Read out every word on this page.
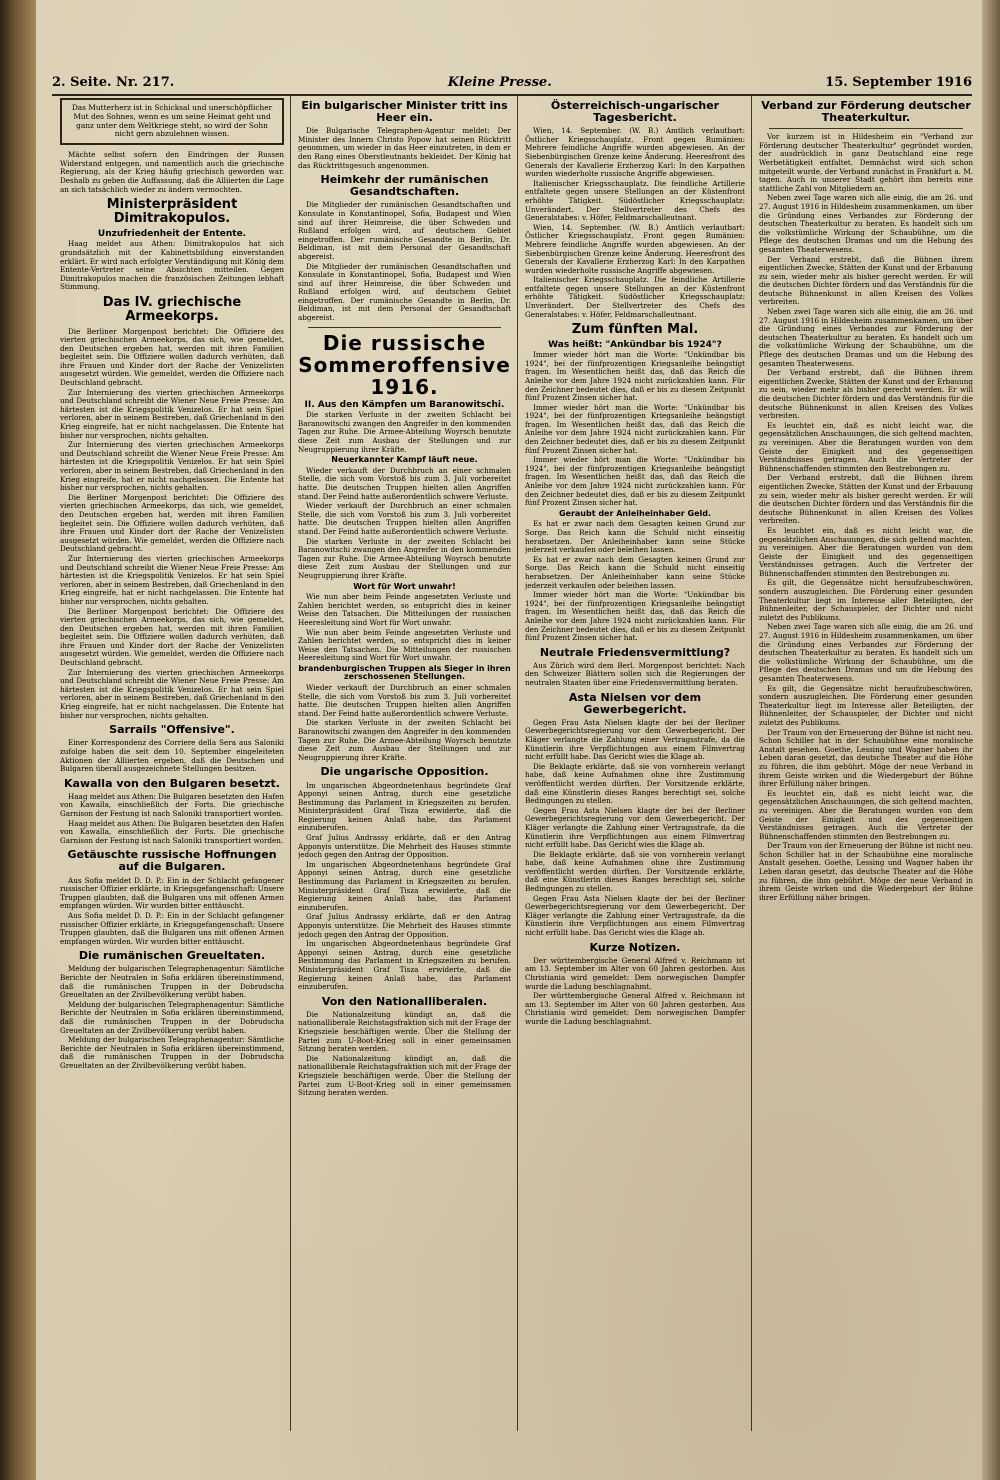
2. Seite. Nr. 217.	Kleine Presse.	15. September 1916
Das Mutterherz ist in Schicksal und unerschöpflicher Mut des Sohnes, wenn es um seine Heimat geht und ganz unter dem Weltkriege steht, so wird der Sohn nicht gern abzulehnen wissen.

Mächte selbst sofern den Eindringen der Russen Widerstand entgegen, und namentlich auch die griechische Regierung, als der Krieg häufig griechisch geworden war. Deshalb zu geben die Auffassung, daß die Alliierten die Lage an sich tatsächlich wieder zu ändern vermochten.

Ministerpräsident Dimitrakopulos.
Unzufriedenheit der Entente.

Haag meldet aus Athen: Dimitrakopulos hat sich grundsätzlich mit der Kabinettsbildung einverstanden erklärt. Er wird nach erfolgter Verständigung mit König dem Entente-Vertreter seine Absichten mitteilen. Gegen Dimitrakopulos machen die französischen Zeitungen lebhaft Stimmung.

Das IV. griechische Armeekorps.

Die Berliner Morgenpost berichtet: Die Offiziere des vierten griechischen Armeekorps, das sich, wie gemeldet, den Deutschen ergeben hat, werden mit ihren Familien begleitet sein. Die Offiziere wollen dadurch verhüten, daß ihre Frauen und Kinder dort der Rache der Venizelisten ausgesetzt würden. Wie gemeldet, werden die Offiziere nach Deutschland gebracht.

Zur Internierung des vierten griechischen Armeekorps und Deutschland schreibt die Wiener Neue Freie Presse: Am härtesten ist die Kriegspolitik Venizelos. Er hat sein Spiel verloren, aber in seinem Bestreben, daß Griechenland in den Krieg eingreife, hat er nicht nachgelassen. Die Entente hat bisher nur versprochen, nichts gehalten.

Zur Internierung des vierten griechischen Armeekorps und Deutschland schreibt die Wiener Neue Freie Presse: Am härtesten ist die Kriegspolitik Venizelos. Er hat sein Spiel verloren, aber in seinem Bestreben, daß Griechenland in den Krieg eingreife, hat er nicht nachgelassen. Die Entente hat bisher nur versprochen, nichts gehalten.

Die Berliner Morgenpost berichtet: Die Offiziere des vierten griechischen Armeekorps, das sich, wie gemeldet, den Deutschen ergeben hat, werden mit ihren Familien begleitet sein. Die Offiziere wollen dadurch verhüten, daß ihre Frauen und Kinder dort der Rache der Venizelisten ausgesetzt würden. Wie gemeldet, werden die Offiziere nach Deutschland gebracht.

Zur Internierung des vierten griechischen Armeekorps und Deutschland schreibt die Wiener Neue Freie Presse: Am härtesten ist die Kriegspolitik Venizelos. Er hat sein Spiel verloren, aber in seinem Bestreben, daß Griechenland in den Krieg eingreife, hat er nicht nachgelassen. Die Entente hat bisher nur versprochen, nichts gehalten.

Die Berliner Morgenpost berichtet: Die Offiziere des vierten griechischen Armeekorps, das sich, wie gemeldet, den Deutschen ergeben hat, werden mit ihren Familien begleitet sein. Die Offiziere wollen dadurch verhüten, daß ihre Frauen und Kinder dort der Rache der Venizelisten ausgesetzt würden. Wie gemeldet, werden die Offiziere nach Deutschland gebracht.

Zur Internierung des vierten griechischen Armeekorps und Deutschland schreibt die Wiener Neue Freie Presse: Am härtesten ist die Kriegspolitik Venizelos. Er hat sein Spiel verloren, aber in seinem Bestreben, daß Griechenland in den Krieg eingreife, hat er nicht nachgelassen. Die Entente hat bisher nur versprochen, nichts gehalten.

Sarrails "Offensive".

Einer Korrespondenz des Corriere della Sera aus Saloniki zufolge haben die seit dem 10. September eingeleiteten Aktionen der Alliierten ergeben, daß die Deutschen und Bulgaren überall ausgezeichnete Stellungen besitzen.

Kawalla von den Bulgaren besetzt.

Haag meldet aus Athen: Die Bulgaren besetzten den Hafen von Kawalla, einschließlich der Forts. Die griechische Garnison der Festung ist nach Saloniki transportiert worden.

Haag meldet aus Athen: Die Bulgaren besetzten den Hafen von Kawalla, einschließlich der Forts. Die griechische Garnison der Festung ist nach Saloniki transportiert worden.

Getäuschte russische Hoffnungen auf die Bulgaren.

Aus Sofia meldet D. D. P.: Ein in der Schlacht gefangener russischer Offizier erklärte, in Kriegsgefangenschaft: Unsere Truppen glaubten, daß die Bulgaren uns mit offenen Armen empfangen würden. Wir wurden bitter enttäuscht.

Aus Sofia meldet D. D. P.: Ein in der Schlacht gefangener russischer Offizier erklärte, in Kriegsgefangenschaft: Unsere Truppen glaubten, daß die Bulgaren uns mit offenen Armen empfangen würden. Wir wurden bitter enttäuscht.

Die rumänischen Greueltaten.

Meldung der bulgarischen Telegraphenagentur: Sämtliche Berichte der Neutralen in Sofia erklären übereinstimmend, daß die rumänischen Truppen in der Dobrudscha Greueltaten an der Zivilbevölkerung verübt haben.

Meldung der bulgarischen Telegraphenagentur: Sämtliche Berichte der Neutralen in Sofia erklären übereinstimmend, daß die rumänischen Truppen in der Dobrudscha Greueltaten an der Zivilbevölkerung verübt haben.

Meldung der bulgarischen Telegraphenagentur: Sämtliche Berichte der Neutralen in Sofia erklären übereinstimmend, daß die rumänischen Truppen in der Dobrudscha Greueltaten an der Zivilbevölkerung verübt haben.

Ein bulgarischer Minister tritt ins Heer ein.

Die Bulgarische Telegraphen-Agentur meldet: Der Minister des Innern Christo Popow hat seinen Rücktritt genommen, um wieder in das Heer einzutreten, in dem er den Rang eines Oberstleutnants bekleidet. Der König hat das Rücktrittsgesuch angenommen.

Heimkehr der rumänischen Gesandtschaften.

Die Mitglieder der rumänischen Gesandtschaften und Konsulate in Konstantinopel, Sofia, Budapest und Wien sind auf ihrer Heimreise, die über Schweden und Rußland erfolgen wird, auf deutschem Gebiet eingetroffen. Der rumänische Gesandte in Berlin, Dr. Beldiman, ist mit dem Personal der Gesandtschaft abgereist.

Die Mitglieder der rumänischen Gesandtschaften und Konsulate in Konstantinopel, Sofia, Budapest und Wien sind auf ihrer Heimreise, die über Schweden und Rußland erfolgen wird, auf deutschem Gebiet eingetroffen. Der rumänische Gesandte in Berlin, Dr. Beldiman, ist mit dem Personal der Gesandtschaft abgereist.

Die russische Sommeroffensive 1916.
II. Aus den Kämpfen um Baranowitschi.

Die starken Verluste in der zweiten Schlacht bei Baranowitschi zwangen den Angreifer in den kommenden Tagen zur Ruhe. Die Armee-Abteilung Woyrsch benutzte diese Zeit zum Ausbau der Stellungen und zur Neugruppierung ihrer Kräfte.

Neuerkannter Kampf läuft neue.

Wieder verkauft der Durchbruch an einer schmalen Stelle, die sich vom Vorstoß bis zum 3. Juli vorbereitet hatte. Die deutschen Truppen hielten allen Angriffen stand. Der Feind hatte außerordentlich schwere Verluste.

Wieder verkauft der Durchbruch an einer schmalen Stelle, die sich vom Vorstoß bis zum 3. Juli vorbereitet hatte. Die deutschen Truppen hielten allen Angriffen stand. Der Feind hatte außerordentlich schwere Verluste.

Die starken Verluste in der zweiten Schlacht bei Baranowitschi zwangen den Angreifer in den kommenden Tagen zur Ruhe. Die Armee-Abteilung Woyrsch benutzte diese Zeit zum Ausbau der Stellungen und zur Neugruppierung ihrer Kräfte.

Wort für Wort unwahr!

Wie nun aber beim Feinde angesetzten Verluste und Zahlen berichtet werden, so entspricht dies in keiner Weise den Tatsachen. Die Mitteilungen der russischen Heeresleitung sind Wort für Wort unwahr.

Wie nun aber beim Feinde angesetzten Verluste und Zahlen berichtet werden, so entspricht dies in keiner Weise den Tatsachen. Die Mitteilungen der russischen Heeresleitung sind Wort für Wort unwahr.

brandenburgischen Truppen als Sieger in ihren zerschossenen Stellungen.

Wieder verkauft der Durchbruch an einer schmalen Stelle, die sich vom Vorstoß bis zum 3. Juli vorbereitet hatte. Die deutschen Truppen hielten allen Angriffen stand. Der Feind hatte außerordentlich schwere Verluste.

Die starken Verluste in der zweiten Schlacht bei Baranowitschi zwangen den Angreifer in den kommenden Tagen zur Ruhe. Die Armee-Abteilung Woyrsch benutzte diese Zeit zum Ausbau der Stellungen und zur Neugruppierung ihrer Kräfte.

Die ungarische Opposition.

Im ungarischen Abgeordnetenhaus begründete Graf Apponyi seinen Antrag, durch eine gesetzliche Bestimmung das Parlament in Kriegszeiten zu berufen. Ministerpräsident Graf Tisza erwiderte, daß die Regierung keinen Anlaß habe, das Parlament einzuberufen.

Graf Julius Andrassy erklärte, daß er den Antrag Apponyis unterstütze. Die Mehrheit des Hauses stimmte jedoch gegen den Antrag der Opposition.

Im ungarischen Abgeordnetenhaus begründete Graf Apponyi seinen Antrag, durch eine gesetzliche Bestimmung das Parlament in Kriegszeiten zu berufen. Ministerpräsident Graf Tisza erwiderte, daß die Regierung keinen Anlaß habe, das Parlament einzuberufen.

Graf Julius Andrassy erklärte, daß er den Antrag Apponyis unterstütze. Die Mehrheit des Hauses stimmte jedoch gegen den Antrag der Opposition.

Im ungarischen Abgeordnetenhaus begründete Graf Apponyi seinen Antrag, durch eine gesetzliche Bestimmung das Parlament in Kriegszeiten zu berufen. Ministerpräsident Graf Tisza erwiderte, daß die Regierung keinen Anlaß habe, das Parlament einzuberufen.

Von den Nationalliberalen.

Die Nationalzeitung kündigt an, daß die nationalliberale Reichstagsfraktion sich mit der Frage der Kriegsziele beschäftigen werde. Über die Stellung der Partei zum U-Boot-Krieg soll in einer gemeinsamen Sitzung beraten werden.

Die Nationalzeitung kündigt an, daß die nationalliberale Reichstagsfraktion sich mit der Frage der Kriegsziele beschäftigen werde. Über die Stellung der Partei zum U-Boot-Krieg soll in einer gemeinsamen Sitzung beraten werden.

Österreichisch-ungarischer Tagesbericht.

Wien, 14. September. (W. B.) Amtlich verlautbart: Östlicher Kriegsschauplatz. Front gegen Rumänien: Mehrere feindliche Angriffe wurden abgewiesen. An der Siebenbürgischen Grenze keine Änderung. Heeresfront des Generals der Kavallerie Erzherzog Karl: In den Karpathen wurden wiederholte russische Angriffe abgewiesen.

Italienischer Kriegsschauplatz. Die feindliche Artillerie entfaltete gegen unsere Stellungen an der Küstenfront erhöhte Tätigkeit. Südöstlicher Kriegsschauplatz: Unverändert. Der Stellvertreter des Chefs des Generalstabes: v. Höfer, Feldmarschalleutnant.

Wien, 14. September. (W. B.) Amtlich verlautbart: Östlicher Kriegsschauplatz. Front gegen Rumänien: Mehrere feindliche Angriffe wurden abgewiesen. An der Siebenbürgischen Grenze keine Änderung. Heeresfront des Generals der Kavallerie Erzherzog Karl: In den Karpathen wurden wiederholte russische Angriffe abgewiesen.

Italienischer Kriegsschauplatz. Die feindliche Artillerie entfaltete gegen unsere Stellungen an der Küstenfront erhöhte Tätigkeit. Südöstlicher Kriegsschauplatz: Unverändert. Der Stellvertreter des Chefs des Generalstabes: v. Höfer, Feldmarschalleutnant.

Zum fünften Mal.
Was heißt: "Ankündbar bis 1924"?

Immer wieder hört man die Worte: "Unkündbar bis 1924", bei der fünfprozentigen Kriegsanleihe beängstigt fragen. Im Wesentlichen heißt das, daß das Reich die Anleihe vor dem Jahre 1924 nicht zurückzahlen kann. Für den Zeichner bedeutet dies, daß er bis zu diesem Zeitpunkt fünf Prozent Zinsen sicher hat.

Immer wieder hört man die Worte: "Unkündbar bis 1924", bei der fünfprozentigen Kriegsanleihe beängstigt fragen. Im Wesentlichen heißt das, daß das Reich die Anleihe vor dem Jahre 1924 nicht zurückzahlen kann. Für den Zeichner bedeutet dies, daß er bis zu diesem Zeitpunkt fünf Prozent Zinsen sicher hat.

Immer wieder hört man die Worte: "Unkündbar bis 1924", bei der fünfprozentigen Kriegsanleihe beängstigt fragen. Im Wesentlichen heißt das, daß das Reich die Anleihe vor dem Jahre 1924 nicht zurückzahlen kann. Für den Zeichner bedeutet dies, daß er bis zu diesem Zeitpunkt fünf Prozent Zinsen sicher hat.

Geraubt der Anleiheinhaber Geld.

Es hat er zwar nach dem Gesagten keinen Grund zur Sorge. Das Reich kann die Schuld nicht einseitig herabsetzen. Der Anleiheinhaber kann seine Stücke jederzeit verkaufen oder beleihen lassen.

Es hat er zwar nach dem Gesagten keinen Grund zur Sorge. Das Reich kann die Schuld nicht einseitig herabsetzen. Der Anleiheinhaber kann seine Stücke jederzeit verkaufen oder beleihen lassen.

Immer wieder hört man die Worte: "Unkündbar bis 1924", bei der fünfprozentigen Kriegsanleihe beängstigt fragen. Im Wesentlichen heißt das, daß das Reich die Anleihe vor dem Jahre 1924 nicht zurückzahlen kann. Für den Zeichner bedeutet dies, daß er bis zu diesem Zeitpunkt fünf Prozent Zinsen sicher hat.

Neutrale Friedensvermittlung?

Aus Zürich wird dem Berl. Morgenpost berichtet: Nach den Schweizer Blättern sollen sich die Regierungen der neutralen Staaten über eine Friedensvermittlung beraten.

Asta Nielsen vor dem Gewerbegericht.

Gegen Frau Asta Nielsen klagte der bei der Berliner Gewerbegerichtsregierung vor dem Gewerbegericht. Der Kläger verlangte die Zahlung einer Vertragsstrafe, da die Künstlerin ihre Verpflichtungen aus einem Filmvertrag nicht erfüllt habe. Das Gericht wies die Klage ab.

Die Beklagte erklärte, daß sie von vornherein verlangt habe, daß keine Aufnahmen ohne ihre Zustimmung veröffentlicht werden dürften. Der Vorsitzende erklärte, daß eine Künstlerin dieses Ranges berechtigt sei, solche Bedingungen zu stellen.

Gegen Frau Asta Nielsen klagte der bei der Berliner Gewerbegerichtsregierung vor dem Gewerbegericht. Der Kläger verlangte die Zahlung einer Vertragsstrafe, da die Künstlerin ihre Verpflichtungen aus einem Filmvertrag nicht erfüllt habe. Das Gericht wies die Klage ab.

Die Beklagte erklärte, daß sie von vornherein verlangt habe, daß keine Aufnahmen ohne ihre Zustimmung veröffentlicht werden dürften. Der Vorsitzende erklärte, daß eine Künstlerin dieses Ranges berechtigt sei, solche Bedingungen zu stellen.

Gegen Frau Asta Nielsen klagte der bei der Berliner Gewerbegerichtsregierung vor dem Gewerbegericht. Der Kläger verlangte die Zahlung einer Vertragsstrafe, da die Künstlerin ihre Verpflichtungen aus einem Filmvertrag nicht erfüllt habe. Das Gericht wies die Klage ab.

Kurze Notizen.

Der württembergische General Alfred v. Reichmann ist am 13. September im Alter von 60 Jahren gestorben. Aus Christiania wird gemeldet: Dem norwegischen Dampfer wurde die Ladung beschlagnahmt.

Der württembergische General Alfred v. Reichmann ist am 13. September im Alter von 60 Jahren gestorben. Aus Christiania wird gemeldet: Dem norwegischen Dampfer wurde die Ladung beschlagnahmt.

Verband zur Förderung deutscher Theaterkultur.

Vor kurzem ist in Hildesheim ein "Verband zur Förderung deutscher Theaterkultur" gegründet worden, der ausdrücklich in ganz Deutschland eine rege Werbetätigkeit entfaltet. Demnächst wird sich schon mitgeteilt wurde, der Verband zunächst in Frankfurt a. M. tagen. Auch in unserer Stadt gehört ihm bereits eine stattliche Zahl von Mitgliedern an.

Neben zwei Tage waren sich alle einig, die am 26. und 27. August 1916 in Hildesheim zusammenkamen, um über die Gründung eines Verbandes zur Förderung der deutschen Theaterkultur zu beraten. Es handelt sich um die volkstümliche Wirkung der Schaubühne, um die Pflege des deutschen Dramas und um die Hebung des gesamten Theaterwesens.

Der Verband erstrebt, daß die Bühnen ihrem eigentlichen Zwecke, Stätten der Kunst und der Erbauung zu sein, wieder mehr als bisher gerecht werden. Er will die deutschen Dichter fördern und das Verständnis für die deutsche Bühnenkunst in allen Kreisen des Volkes verbreiten.

Neben zwei Tage waren sich alle einig, die am 26. und 27. August 1916 in Hildesheim zusammenkamen, um über die Gründung eines Verbandes zur Förderung der deutschen Theaterkultur zu beraten. Es handelt sich um die volkstümliche Wirkung der Schaubühne, um die Pflege des deutschen Dramas und um die Hebung des gesamten Theaterwesens.

Der Verband erstrebt, daß die Bühnen ihrem eigentlichen Zwecke, Stätten der Kunst und der Erbauung zu sein, wieder mehr als bisher gerecht werden. Er will die deutschen Dichter fördern und das Verständnis für die deutsche Bühnenkunst in allen Kreisen des Volkes verbreiten.

Es leuchtet ein, daß es nicht leicht war, die gegensätzlichen Anschauungen, die sich geltend machten, zu vereinigen. Aber die Beratungen wurden von dem Geiste der Einigkeit und des gegenseitigen Verständnisses getragen. Auch die Vertreter der Bühnenschaffenden stimmten den Bestrebungen zu.

Der Verband erstrebt, daß die Bühnen ihrem eigentlichen Zwecke, Stätten der Kunst und der Erbauung zu sein, wieder mehr als bisher gerecht werden. Er will die deutschen Dichter fördern und das Verständnis für die deutsche Bühnenkunst in allen Kreisen des Volkes verbreiten.

Es leuchtet ein, daß es nicht leicht war, die gegensätzlichen Anschauungen, die sich geltend machten, zu vereinigen. Aber die Beratungen wurden von dem Geiste der Einigkeit und des gegenseitigen Verständnisses getragen. Auch die Vertreter der Bühnenschaffenden stimmten den Bestrebungen zu.

Es gilt, die Gegensätze nicht heraufzubeschwören, sondern auszugleichen. Die Förderung einer gesunden Theaterkultur liegt im Interesse aller Beteiligten, der Bühnenleiter, der Schauspieler, der Dichter und nicht zuletzt des Publikums.

Neben zwei Tage waren sich alle einig, die am 26. und 27. August 1916 in Hildesheim zusammenkamen, um über die Gründung eines Verbandes zur Förderung der deutschen Theaterkultur zu beraten. Es handelt sich um die volkstümliche Wirkung der Schaubühne, um die Pflege des deutschen Dramas und um die Hebung des gesamten Theaterwesens.

Es gilt, die Gegensätze nicht heraufzubeschwören, sondern auszugleichen. Die Förderung einer gesunden Theaterkultur liegt im Interesse aller Beteiligten, der Bühnenleiter, der Schauspieler, der Dichter und nicht zuletzt des Publikums.

Der Traum von der Erneuerung der Bühne ist nicht neu. Schon Schiller hat in der Schaubühne eine moralische Anstalt gesehen. Goethe, Lessing und Wagner haben ihr Leben daran gesetzt, das deutsche Theater auf die Höhe zu führen, die ihm gebührt. Möge der neue Verband in ihrem Geiste wirken und die Wiedergeburt der Bühne ihrer Erfüllung näher bringen.

Es leuchtet ein, daß es nicht leicht war, die gegensätzlichen Anschauungen, die sich geltend machten, zu vereinigen. Aber die Beratungen wurden von dem Geiste der Einigkeit und des gegenseitigen Verständnisses getragen. Auch die Vertreter der Bühnenschaffenden stimmten den Bestrebungen zu.

Der Traum von der Erneuerung der Bühne ist nicht neu. Schon Schiller hat in der Schaubühne eine moralische Anstalt gesehen. Goethe, Lessing und Wagner haben ihr Leben daran gesetzt, das deutsche Theater auf die Höhe zu führen, die ihm gebührt. Möge der neue Verband in ihrem Geiste wirken und die Wiedergeburt der Bühne ihrer Erfüllung näher bringen.
